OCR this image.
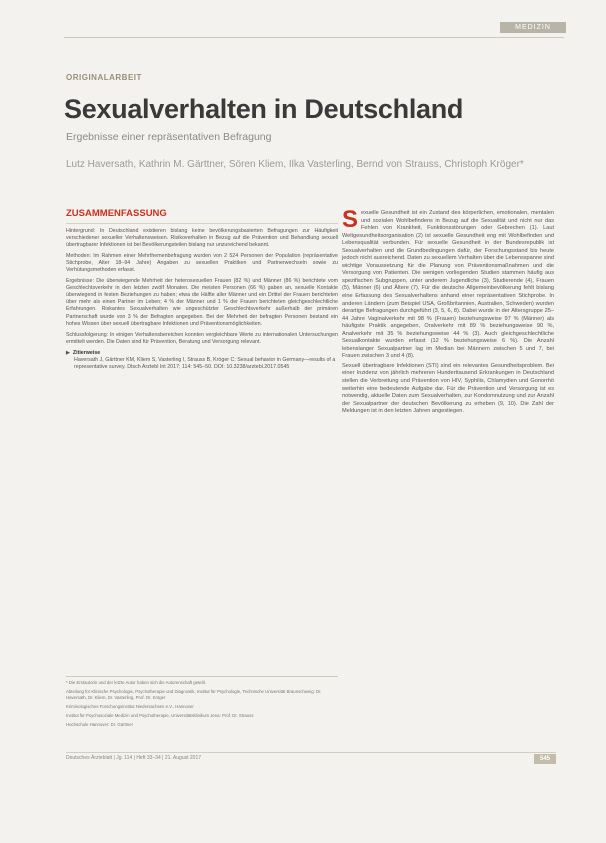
MEDIZIN
ORIGINALARBEIT
Sexualverhalten in Deutschland
Ergebnisse einer repräsentativen Befragung
Lutz Haversath, Kathrin M. Gärttner, Sören Kliem, Ilka Vasterling, Bernd von Strauss, Christoph Kröger*
ZUSAMMENFASSUNG

Hintergrund: In Deutschland existieren bislang keine bevölkerungsbasierten Befragungen zur Häufigkeit verschiedener sexueller Verhaltensweisen. Risikoverhalten in Bezug auf die Prävention und Behandlung sexuell übertragbarer Infektionen ist bei Bevölkerungsteilen bislang nur unzureichend bekannt.

Methoden: Im Rahmen einer Mehrthemenbefragung wurden von 2 524 Personen der Population (repräsentative Stichprobe, Alter 18–94 Jahre) Angaben zu sexuellen Praktiken und Partnerwechseln sowie zu Verhütungsmethoden erfasst.

Ergebnisse: Die überwiegende Mehrheit der heterosexuellen Frauen (82 %) und Männer (86 %) berichtete vom Geschlechtsverkehr in den letzten zwölf Monaten. Die meisten Personen (66 %) gaben an, sexuelle Kontakte überwiegend in festen Beziehungen zu haben; etwa die Hälfte aller Männer und ein Drittel der Frauen berichteten über mehr als einen Partner im Leben; 4 % der Männer und 1 % der Frauen berichteten gleichgeschlechtliche Erfahrungen. Riskantes Sexualverhalten wie ungeschützter Geschlechtsverkehr außerhalb der primären Partnerschaft wurde von 3 % der Befragten angegeben. Bei der Mehrheit der befragten Personen bestand ein hohes Wissen über sexuell übertragbare Infektionen und Präventionsmöglichkeiten.

Schlussfolgerung: In einigen Verhaltensbereichen konnten vergleichbare Werte zu internationalen Untersuchungen ermittelt werden. Die Daten sind für Prävention, Beratung und Versorgung relevant.

▶ Zitierweise
Haversath J, Gärttner KM, Kliem S, Vasterling I, Strauss B, Kröger C: Sexual behavior in Germany—results of a representative survey. Dtsch Arztebl Int 2017; 114: 545–50. DOI: 10.3238/arztebl.2017.0545
S exuelle Gesundheit ist ein Zustand des körperlichen, emotionalen, mentalen und sozialen Wohlbefindens in Bezug auf die Sexualität und nicht nur das Fehlen von Krankheit, Funktionsstörungen oder Gebrechen (1). Laut Weltgesundheitsorganisation (2) ist sexuelle Gesundheit eng mit Wohlbefinden und Lebensqualität verbunden. Für sexuelle Gesundheit in der Bundesrepublik ist Sexualverhalten und die Grundbedingungen dafür, der Forschungsstand bis heute jedoch nicht ausreichend. Daten zu sexuellem Verhalten über die Lebensspanne sind wichtige Voraussetzung für die Planung von Präventionsmaßnahmen und die Versorgung von Patienten. Die wenigen vorliegenden Studien stammen häufig aus spezifischen Subgruppen, unter anderem Jugendliche (3), Studierende (4), Frauen (5), Männer (6) und Ältere (7). Für die deutsche Allgemeinbevölkerung fehlt bislang eine Erfassung des Sexualverhaltens anhand einer repräsentativen Stichprobe. In anderen Ländern (zum Beispiel USA, Großbritannien, Australien, Schweden) wurden derartige Befragungen durchgeführt (3, 5, 6, 8). Dabei wurde in der Altersgruppe 25–44 Jahre Vaginalverkehr mit 98 % (Frauen) beziehungsweise 97 % (Männer) als häufigste Praktik angegeben, Oralverkehr mit 89 % beziehungsweise 90 %, Analverkehr mit 35 % beziehungsweise 44 % (3). Auch gleichgeschlechtliche Sexualkontakte wurden erfasst (12 % beziehungsweise 6 %). Die Anzahl lebenslanger Sexualpartner lag im Median bei Männern zwischen 5 und 7, bei Frauen zwischen 3 und 4 (8).

Sexuell übertragbare Infektionen (STI) sind ein relevantes Gesundheitsproblem. Bei einer Inzidenz von jährlich mehreren Hunderttausend Erkrankungen in Deutschland stellen die Verbreitung und Prävention von HIV, Syphilis, Chlamydien und Gonorrhö weiterhin eine bedeutende Aufgabe dar. Für die Prävention und Versorgung ist es notwendig, aktuelle Daten zum Sexualverhalten, zur Kondomnutzung und zur Anzahl der Sexualpartner der deutschen Bevölkerung zu erheben (9, 10). Die Zahl der Meldungen ist in den letzten Jahren angestiegen.

* Die Erstautorin und der letzte Autor haben sich die Autorenschaft geteilt.
Abteilung für Klinische Psychologie, Psychotherapie und Diagnostik, Institut für Psychologie, Technische Universität Braunschweig: Dr. Haversath, Dr. Kliem, Dr. Vasterling, Prof. Dr. Kröger
Kriminologisches Forschungsinstitut Niedersachsen e.V., Hannover
Institut für Psychosoziale Medizin und Psychotherapie, Universitätsklinikum Jena: Prof. Dr. Strauss
Hochschule Hannover: Dr. Gärttner
Deutsches Ärzteblatt | Jg. 114 | Heft 33–34 | 21. August 2017	545
